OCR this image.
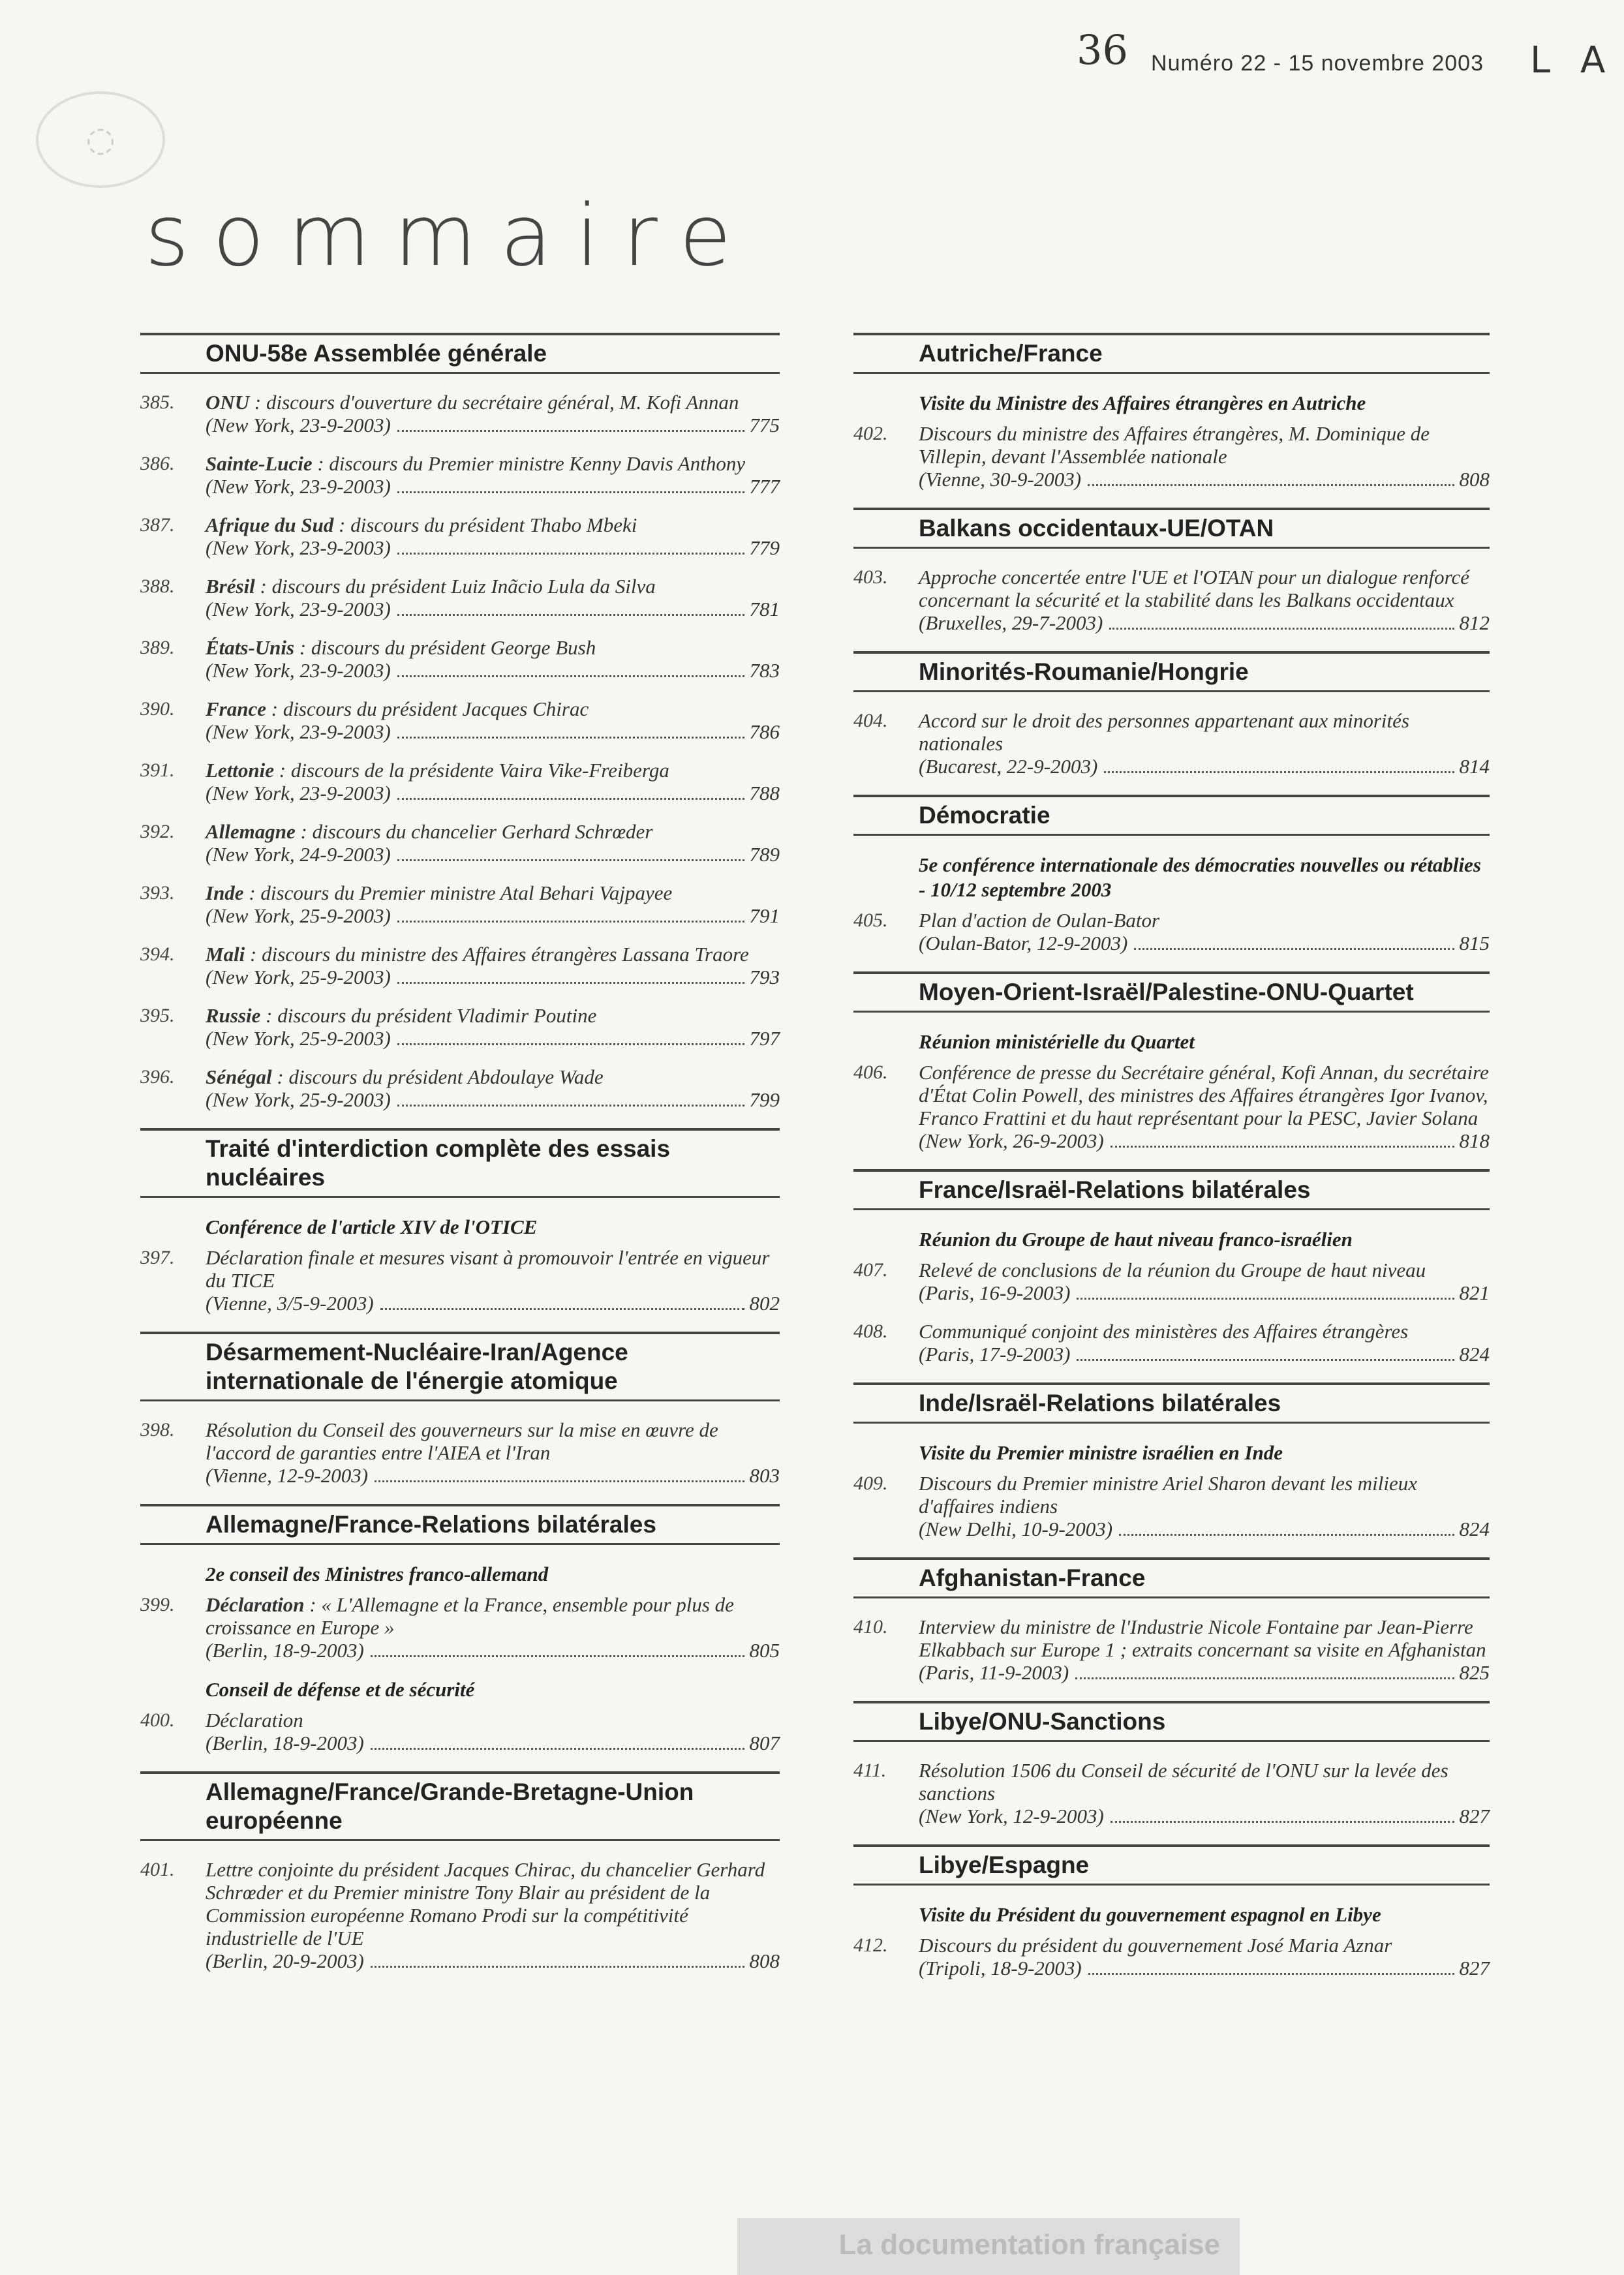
36 Numéro 22 - 15 novembre 2003 L A
◌
sommaire
ONU-58e Assemblée générale
385.	ONU : discours d'ouverture du secrétaire général, M. Kofi Annan
(New York, 23-9-2003)	775
386.	Sainte-Lucie : discours du Premier ministre Kenny Davis Anthony
(New York, 23-9-2003)	777
387.	Afrique du Sud : discours du président Thabo Mbeki
(New York, 23-9-2003)	779
388.	Brésil : discours du président Luiz Inãcio Lula da Silva
(New York, 23-9-2003)	781
389.	États-Unis : discours du président George Bush
(New York, 23-9-2003)	783
390.	France : discours du président Jacques Chirac
(New York, 23-9-2003)	786
391.	Lettonie : discours de la présidente Vaira Vike-Freiberga
(New York, 23-9-2003)	788
392.	Allemagne : discours du chancelier Gerhard Schrœder
(New York, 24-9-2003)	789
393.	Inde : discours du Premier ministre Atal Behari Vajpayee
(New York, 25-9-2003)	791
394.	Mali : discours du ministre des Affaires étrangères Lassana Traore
(New York, 25-9-2003)	793
395.	Russie : discours du président Vladimir Poutine
(New York, 25-9-2003)	797
396.	Sénégal : discours du président Abdoulaye Wade
(New York, 25-9-2003)	799
Traité d'interdiction complète des essais nucléaires
Conférence de l'article XIV de l'OTICE
397.	Déclaration finale et mesures visant à promouvoir l'entrée en vigueur du TICE
(Vienne, 3/5-9-2003)	802
Désarmement-Nucléaire-Iran/Agence internationale de l'énergie atomique
398.	Résolution du Conseil des gouverneurs sur la mise en œuvre de l'accord de garanties entre l'AIEA et l'Iran
(Vienne, 12-9-2003)	803
Allemagne/France-Relations bilatérales
2e conseil des Ministres franco-allemand
399.	Déclaration : « L'Allemagne et la France, ensemble pour plus de croissance en Europe »
(Berlin, 18-9-2003)	805
Conseil de défense et de sécurité
400.	Déclaration
(Berlin, 18-9-2003)	807
Allemagne/France/Grande-Bretagne-Union européenne
401.	Lettre conjointe du président Jacques Chirac, du chancelier Gerhard Schrœder et du Premier ministre Tony Blair au président de la Commission européenne Romano Prodi sur la compétitivité industrielle de l'UE
(Berlin, 20-9-2003)	808
Autriche/France
Visite du Ministre des Affaires étrangères en Autriche
402.	Discours du ministre des Affaires étrangères, M. Dominique de Villepin, devant l'Assemblée nationale
(Vienne, 30-9-2003)	808
Balkans occidentaux-UE/OTAN
403.	Approche concertée entre l'UE et l'OTAN pour un dialogue renforcé concernant la sécurité et la stabilité dans les Balkans occidentaux
(Bruxelles, 29-7-2003)	812
Minorités-Roumanie/Hongrie
404.	Accord sur le droit des personnes appartenant aux minorités nationales
(Bucarest, 22-9-2003)	814
Démocratie
5e conférence internationale des démocraties nouvelles ou rétablies - 10/12 septembre 2003
405.	Plan d'action de Oulan-Bator
(Oulan-Bator, 12-9-2003)	815
Moyen-Orient-Israël/Palestine-ONU-Quartet
Réunion ministérielle du Quartet
406.	Conférence de presse du Secrétaire général, Kofi Annan, du secrétaire d'État Colin Powell, des ministres des Affaires étrangères Igor Ivanov, Franco Frattini et du haut représentant pour la PESC, Javier Solana
(New York, 26-9-2003)	818
France/Israël-Relations bilatérales
Réunion du Groupe de haut niveau franco-israélien
407.	Relevé de conclusions de la réunion du Groupe de haut niveau
(Paris, 16-9-2003)	821
408.	Communiqué conjoint des ministères des Affaires étrangères
(Paris, 17-9-2003)	824
Inde/Israël-Relations bilatérales
Visite du Premier ministre israélien en Inde
409.	Discours du Premier ministre Ariel Sharon devant les milieux d'affaires indiens
(New Delhi, 10-9-2003)	824
Afghanistan-France
410.	Interview du ministre de l'Industrie Nicole Fontaine par Jean-Pierre Elkabbach sur Europe 1 ; extraits concernant sa visite en Afghanistan
(Paris, 11-9-2003)	825
Libye/ONU-Sanctions
411.	Résolution 1506 du Conseil de sécurité de l'ONU sur la levée des sanctions
(New York, 12-9-2003)	827
Libye/Espagne
Visite du Président du gouvernement espagnol en Libye
412.	Discours du président du gouvernement José Maria Aznar
(Tripoli, 18-9-2003)	827
La documentation française
